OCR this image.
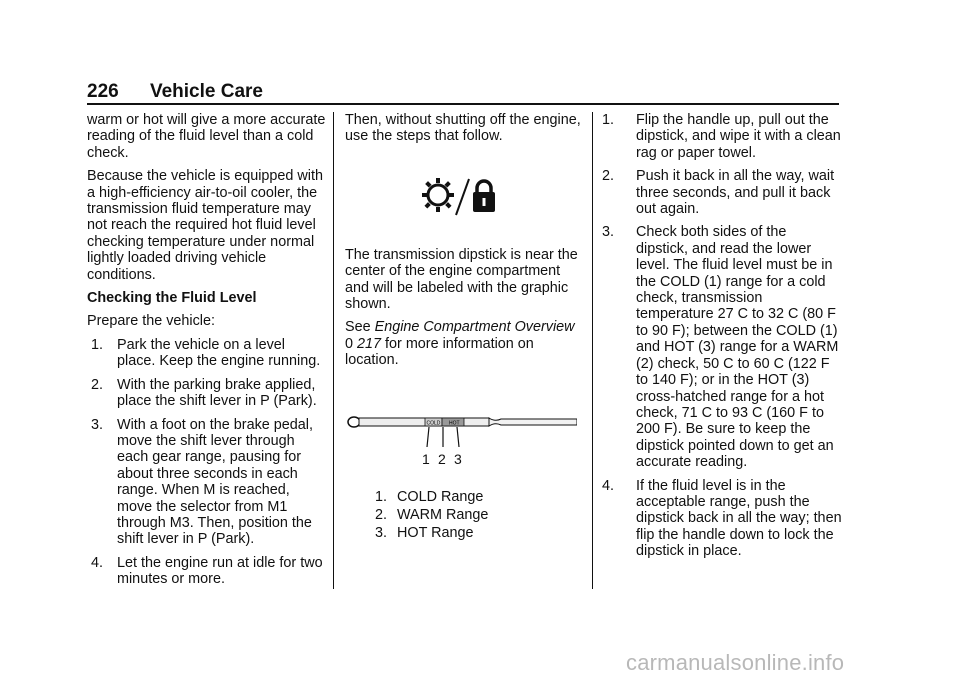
226 Vehicle Care

warm or hot will give a more accurate reading of the fluid level than a cold check.

Because the vehicle is equipped with a high-efficiency air-to-oil cooler, the transmission fluid temperature may not reach the required hot fluid level checking temperature under normal lightly loaded driving vehicle conditions.

Checking the Fluid Level

Prepare the vehicle:

1. Park the vehicle on a level place. Keep the engine running.
2. With the parking brake applied, place the shift lever in P (Park).
3. With a foot on the brake pedal, move the shift lever through each gear range, pausing for about three seconds in each range. When M is reached, move the selector from M1 through M3. Then, position the shift lever in P (Park).
4. Let the engine run at idle for two minutes or more.

Then, without shutting off the engine, use the steps that follow.

The transmission dipstick is near the center of the engine compartment and will be labeled with the graphic shown.

See Engine Compartment Overview
0 217 for more information on location.

COLD HOT
1 2 3
1. COLD Range
2. WARM Range
3. HOT Range
1. Flip the handle up, pull out the dipstick, and wipe it with a clean rag or paper towel.
2. Push it back in all the way, wait three seconds, and pull it back out again.
3. Check both sides of the dipstick, and read the lower level. The fluid level must be in the COLD (1) range for a cold check, transmission temperature 27 C to 32 C (80 F to 90 F); between the COLD (1) and HOT (3) range for a WARM (2) check, 50 C to 60 C (122 F to 140 F); or in the HOT (3) cross-hatched range for a hot check, 71 C to 93 C (160 F to 200 F). Be sure to keep the dipstick pointed down to get an accurate reading.
4. If the fluid level is in the acceptable range, push the dipstick back in all the way; then flip the handle down to lock the dipstick in place.
carmanualsonline.info
